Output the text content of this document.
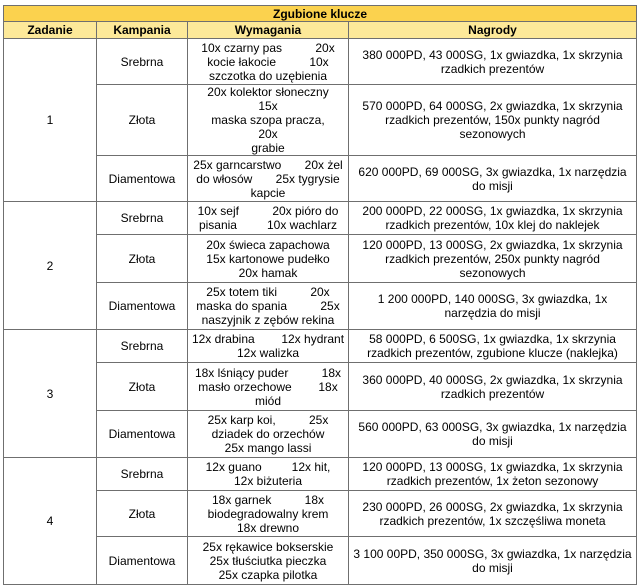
Zgubione klucze			
Zadanie	Kampania	Wymagania	Nagrody
1	Srebrna	10x czarny pas          20x
kocie łakocie          10x
szczotka do uzębienia	380 000PD, 43 000SG, 1x gwiazdka, 1x skrzynia rzadkich prezentów
	Złota	20x kolektor słoneczny       15x
maska szopa pracza,       20x
grabie	570 000PD, 64 000SG, 2x gwiazdka, 1x skrzynia rzadkich prezentów, 150x punkty nagród sezonowych
	Diamentowa	25x garncarstwo       20x żel
do włosów       25x tygrysie
kapcie	620 000PD, 69 000SG, 3x gwiazdka, 1x narzędzia do misji
2	Srebrna	10x sejf          20x pióro do
pisania         10x wachlarz	200 000PD, 22 000SG, 1x gwiazdka, 1x skrzynia rzadkich prezentów, 10x klej do naklejek
	Złota	20x świeca zapachowa
15x kartonowe pudełko
20x hamak	120 000PD, 13 000SG, 2x gwiazdka, 1x skrzynia rzadkich prezentów, 250x punkty nagród sezonowych
	Diamentowa	25x totem tiki          20x
maska do spania          25x
naszyjnik z zębów rekina	1 200 000PD, 140 000SG, 3x gwiazdka, 1x narzędzia do misji
3	Srebrna	12x drabina        12x hydrant
12x walizka	58 000PD, 6 500SG, 1x gwiazdka, 1x skrzynia rzadkich prezentów, zgubione klucze (naklejka)
	Złota	18x lśniący puder          18x
masło orzechowe        18x
miód	360 000PD, 40 000SG, 2x gwiazdka, 1x skrzynia rzadkich prezentów
	Diamentowa	25x karp koi,          25x
dziadek do orzechów
25x mango lassi	560 000PD, 63 000SG, 3x gwiazdka, 1x narzędzia do misji
4	Srebrna	12x guano         12x hit,
12x biżuteria	120 000PD, 13 000SG, 1x gwiazdka, 1x skrzynia rzadkich prezentów, 1x żeton sezonowy
	Złota	18x garnek          18x
biodegradowalny krem
18x drewno	230 000PD, 26 000SG, 2x gwiazdka, 1x skrzynia rzadkich prezentów, 1x szczęśliwa moneta
	Diamentowa	25x rękawice bokserskie
25x tłuściutka pieczka
25x czapka pilotka	3 100 00PD, 350 000SG, 3x gwiazdka, 1x narzędzia do misji
